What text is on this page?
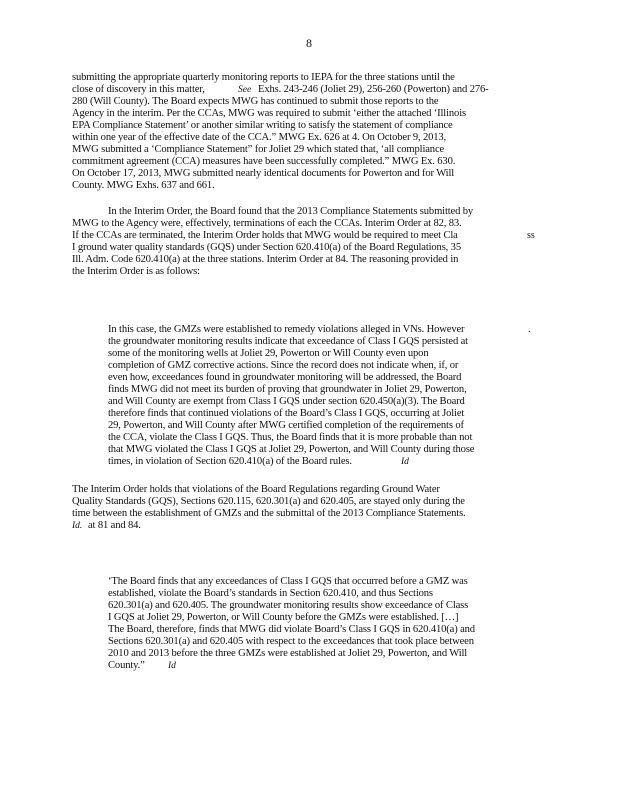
8
submitting the appropriate quarterly monitoring reports to IEPA for the three stations until the
close of discovery in this matter,	See Exhs. 243-246 (Joliet 29), 256-260 (Powerton) and 276-
280 (Will County). The Board expects MWG has continued to submit those reports to the
Agency in the interim. Per the CCAs, MWG was required to submit ‘either the attached ‘Illinois
EPA Compliance Statement’ or another similar writing to satisfy the statement of compliance
within one year of the effective date of the CCA.” MWG Ex. 626 at 4. On October 9, 2013,
MWG submitted a ‘Compliance Statement” for Joliet 29 which stated that, ‘all compliance
commitment agreement (CCA) measures have been successfully completed.” MWG Ex. 630.
On October 17, 2013, MWG submitted nearly identical documents for Powerton and for Will
County. MWG Exhs. 637 and 661.
In the Interim Order, the Board found that the 2013 Compliance Statements submitted by
MWG to the Agency were, effectively, terminations of each the CCAs. Interim Order at 82, 83.
If the CCAs are terminated, the Interim Order holds that MWG would be required to meet Cla	ss
I ground water quality standards (GQS) under Section 620.410(a) of the Board Regulations, 35
Ill. Adm. Code 620.410(a) at the three stations. Interim Order at 84. The reasoning provided in
the Interim Order is as follows:
In this case, the GMZs were established to remedy violations alleged in VNs. However	.
the groundwater monitoring results indicate that exceedance of Class I GQS persisted at
some of the monitoring wells at Joliet 29, Powerton or Will County even upon
completion of GMZ corrective actions. Since the record does not indicate when, if, or
even how, exceedances found in groundwater monitoring will be addressed, the Board
finds MWG did not meet its burden of proving that groundwater in Joliet 29, Powerton,
and Will County are exempt from Class I GQS under section 620.450(a)(3). The Board
therefore finds that continued violations of the Board’s Class I GQS, occurring at Joliet
29, Powerton, and Will County after MWG certified completion of the requirements of
the CCA, violate the Class I GQS. Thus, the Board finds that it is more probable than not
that MWG violated the Class I GQS at Joliet 29, Powerton, and Will County during those
times, in violation of Section 620.410(a) of the Board rules.	Id
The Interim Order holds that violations of the Board Regulations regarding Ground Water
Quality Standards (GQS), Sections 620.115, 620.301(a) and 620.405, are stayed only during the
time between the establishment of GMZs and the submittal of the 2013 Compliance Statements.
Id. at 81 and 84.
‘The Board finds that any exceedances of Class I GQS that occurred before a GMZ was
established, violate the Board’s standards in Section 620.410, and thus Sections
620.301(a) and 620.405. The groundwater monitoring results show exceedance of Class
I GQS at Joliet 29, Powerton, or Will County before the GMZs were established. […]
The Board, therefore, finds that MWG did violate Board’s Class I GQS in 620.410(a) and
Sections 620.301(a) and 620.405 with respect to the exceedances that took place between
2010 and 2013 before the three GMZs were established at Joliet 29, Powerton, and Will
County.” Id
